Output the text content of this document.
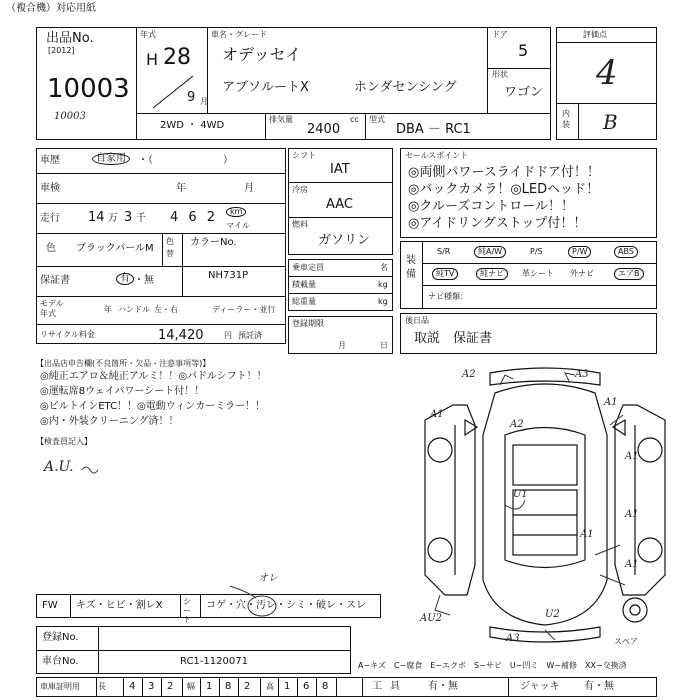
（複合機）対応用紙
出品No.
[2012]
10003
10003
年式
H 28
9 月
車名・グレード
オデッセイ
アブソルートX	ホンダセンシング
ドア
5
形状
ワゴン
2WD ・ 4WD
排気量
2400
cc 型式
DBA － RC1
評価点
4
内装 B
車歴	自家用	・（　　　　　　　）
車検	年	月
走行 14 万 3 千 4 6 2	km
マイル
色 ブラックパールM
色替
カラーNo.
NH731P
保証書	有 ・無
モデル年式	年 ハンドル 左・右	ディーラー・並行
リサイクル料金	14,420	円 預託済
シフト
IAT
冷房
AAC
燃料
ガソリン
乗車定員	名
積載量	kg
総重量	kg
登録期限
月	日
セールスポイント
◎両側パワースライドドア付！！
◎バックカメラ！◎LEDヘッド！
◎クルーズコントロール！！
◎アイドリングストップ付！！
装備
S/R	純A/W	P/S	P/W	ABS
純TV	純ナビ	革シート 外ナビ	エアB
ナビ種類：
後日品
取説　保証書
【出品店申告欄(不良箇所・欠品・注意事項等)】
◎純正エアロ＆純正アルミ！！◎パドルシフト！！
◎運転席8ウェイパワーシート付！！
◎ビルトインETC！！◎電動ウィンカーミラー！！
◎内・外装クリーニング済！！
【検査員記入】
A.U.
A2	A3
A1
A2
U1
A1
A1
A1
A1
AU2
A3
U2
A1
スペア
オレ
FW キズ・ヒビ・割レX	シート
コゲ・穴・汚レ・シミ・破レ・スレ
登録No.
車台No.	RC1-1120071	A−キズ　C−腐食　E−エクボ　S−サビ　U−凹ミ　W−補修　XX−交換済
車庫証明用 長 4 3 2 幅 1 8 2 高 1 6 8	工具 有・無	ジャッキ 有・無
